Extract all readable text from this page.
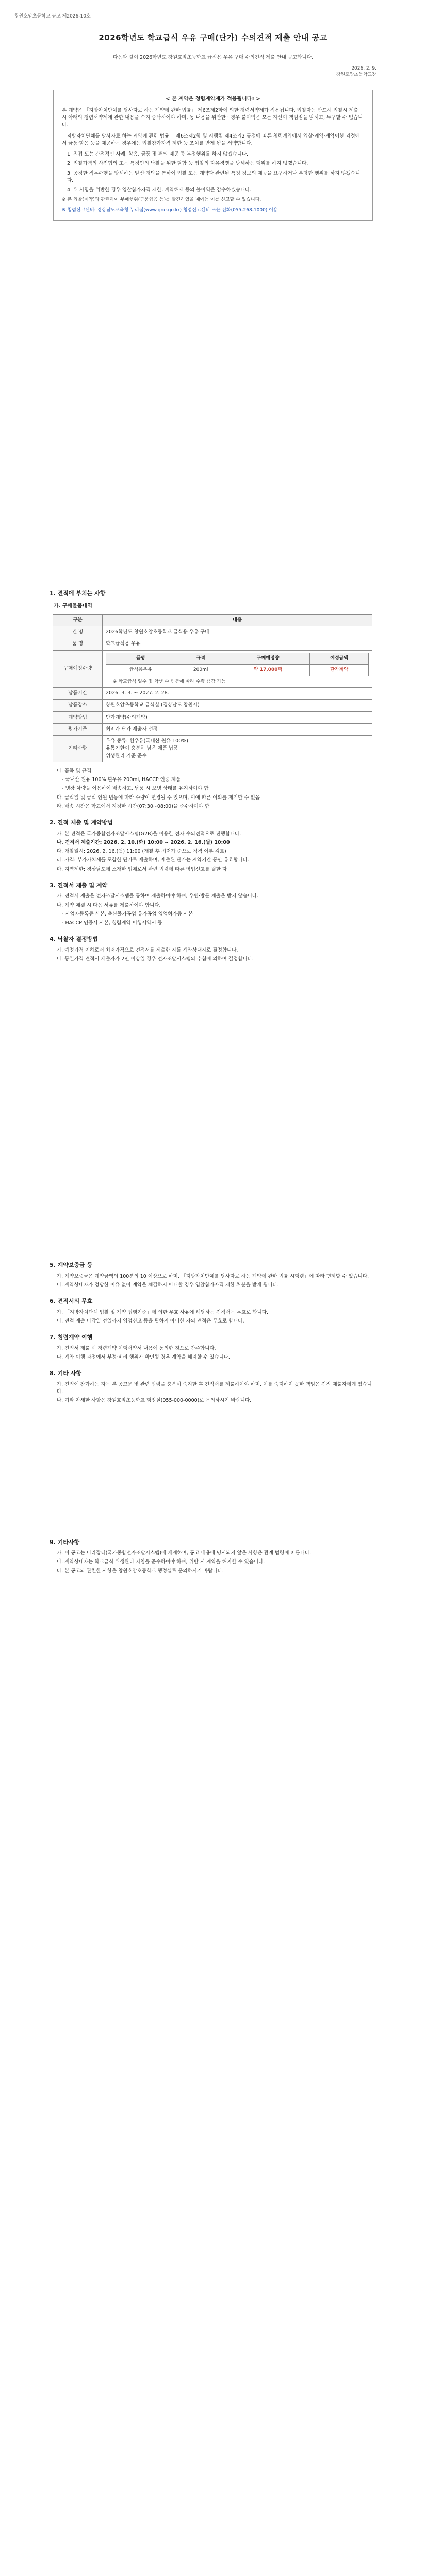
창원호암초등학교 공고 제2026-10호
2026학년도 학교급식 우유 구매(단가) 수의견적 제출 안내 공고
다음과 같이 2026학년도 창원호암초등학교 급식용 우유 구매 수의견적 제출 안내 공고합니다.
2026. 2. 9.
창원호암초등학교장
< 본 계약은 청렴계약제가 적용됩니다! >

본 계약은 「지방자치단체를 당사자로 하는 계약에 관한 법률」 제6조제2항에 의한 청렴서약제가 적용됩니다. 입찰자는 반드시 입찰시 제출 시 아래의 청렴서약제에 관한 내용을 숙지·승낙하여야 하며, 동 내용을 위반한 · 경우 불이익은 모든 자신이 책임짐을 밝히고, 투구할 수 없습니다.

「지방자치단체를 당사자로 하는 계약에 관한 법률」 제6조제2항 및 시행령 제4조의2 규정에 따른 청렴계약에서 입찰·계약·계약이행 과정에서 금품·향응 등을 제공하는 경우에는 입찰참가자격 제한 등 조치를 받게 됨을 서약합니다.

1. 직접 또는 간접적인 사례, 향응, 금품 및 편의 제공 등 부정행위를 하지 않겠습니다.
2. 입찰가격의 사전협의 또는 특정인의 낙찰을 위한 담합 등 입찰의 자유경쟁을 방해하는 행위를 하지 않겠습니다.
3. 공정한 직무수행을 방해하는 알선·청탁을 통하여 입찰 또는 계약과 관련된 특정 정보의 제공을 요구하거나 부당한 행위를 하지 않겠습니다.
4. 위 사항을 위반한 경우 입찰참가자격 제한, 계약해제 등의 불이익을 감수하겠습니다.
※ 본 입찰(계약)과 관련하여 부패행위(금품향응 등)를 발견하였을 때에는 이를 신고할 수 있습니다.
※ 청렴신고센터: 경상남도교육청 누리집(www.gne.go.kr) 청렴신고센터 또는 전화(055-268-1000) 이용
1. 견적에 부치는 사항
가. 구매물품내역
구분	내용
건 명	2026학년도 창원호암초등학교 급식용 우유 구매
품 명	학교급식용 우유
구매예정수량	
품명	규격	구매예정량	예정금액
급식용우유	200ml	약 17,000팩	단가계약
※ 학교급식 일수 및 학생 수 변동에 따라 수량 증감 가능

납품기간	2026. 3. 3. ~ 2027. 2. 28.
납품장소	창원호암초등학교 급식실 (경상남도 창원시)
계약방법	단가계약(수의계약)
평가기준	최저가 단가 제출자 선정
기타사항	
우유 종류: 흰우유(국내산 원유 100%)
유통기한이 충분히 남은 제품 납품
위생관리 기준 준수
나. 품목 및 규격
- 국내산 원유 100% 흰우유 200ml, HACCP 인증 제품
- 냉장 차량을 이용하여 배송하고, 납품 시 보냉 상태를 유지하여야 함
다. 급식일 및 급식 인원 변동에 따라 수량이 변경될 수 있으며, 이에 따른 이의를 제기할 수 없음
라. 배송 시간은 학교에서 지정한 시간(07:30~08:00)을 준수하여야 함
2. 견적 제출 및 계약방법
가. 본 견적은 국가종합전자조달시스템(G2B)을 이용한 전자 수의견적으로 진행합니다.
나. 견적서 제출기간: 2026. 2. 10.(화) 10:00 ~ 2026. 2. 16.(월) 10:00
다. 개찰일시: 2026. 2. 16.(월) 11:00 (개찰 후 최저가 순으로 적격 여부 검토)
라. 가격: 부가가치세를 포함한 단가로 제출하며, 제출된 단가는 계약기간 동안 유효합니다.
마. 지역제한: 경상남도에 소재한 업체로서 관련 법령에 따른 영업신고를 필한 자
3. 견적서 제출 및 계약
가. 견적서 제출은 전자조달시스템을 통하여 제출하여야 하며, 우편·방문 제출은 받지 않습니다.
나. 계약 체결 시 다음 서류를 제출하여야 합니다.
- 사업자등록증 사본, 축산물가공업·유가공업 영업허가증 사본
- HACCP 인증서 사본, 청렴계약 이행서약서 등
4. 낙찰자 결정방법
가. 예정가격 이하로서 최저가격으로 견적서를 제출한 자를 계약상대자로 결정합니다.
나. 동일가격 견적서 제출자가 2인 이상일 경우 전자조달시스템의 추첨에 의하여 결정합니다.
5. 계약보증금 등
가. 계약보증금은 계약금액의 100분의 10 이상으로 하며, 「지방자치단체를 당사자로 하는 계약에 관한 법률 시행령」에 따라 면제할 수 있습니다.
나. 계약상대자가 정당한 이유 없이 계약을 체결하지 아니할 경우 입찰참가자격 제한 처분을 받게 됩니다.
6. 견적서의 무효
가. 「지방자치단체 입찰 및 계약 집행기준」에 의한 무효 사유에 해당하는 견적서는 무효로 합니다.
나. 견적 제출 마감일 전일까지 영업신고 등을 필하지 아니한 자의 견적은 무효로 합니다.
7. 청렴계약 이행
가. 견적서 제출 시 청렴계약 이행서약서 내용에 동의한 것으로 간주합니다.
나. 계약 이행 과정에서 부정·비리 행위가 확인될 경우 계약을 해지할 수 있습니다.
8. 기타 사항
가. 견적에 참가하는 자는 본 공고문 및 관련 법령을 충분히 숙지한 후 견적서를 제출하여야 하며, 이를 숙지하지 못한 책임은 견적 제출자에게 있습니다.
나. 기타 자세한 사항은 창원호암초등학교 행정실(055-000-0000)로 문의하시기 바랍니다.
9. 기타사항
가. 이 공고는 나라장터(국가종합전자조달시스템)에 게재하며, 공고 내용에 명시되지 않은 사항은 관계 법령에 따릅니다.
나. 계약상대자는 학교급식 위생관리 지침을 준수하여야 하며, 위반 시 계약을 해지할 수 있습니다.
다. 본 공고와 관련한 사항은 창원호암초등학교 행정실로 문의하시기 바랍니다.
